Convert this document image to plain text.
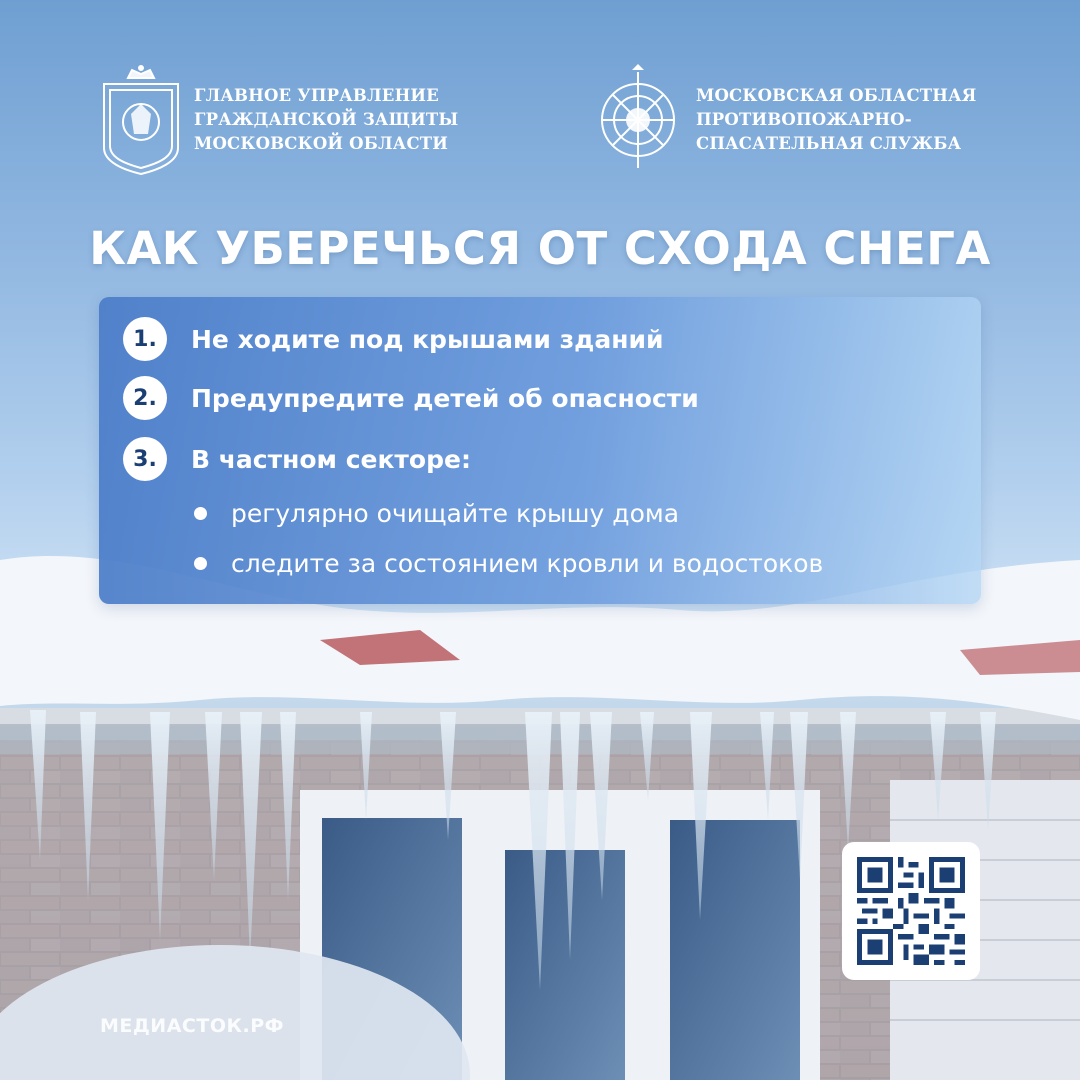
ГЛАВНОЕ УПРАВЛЕНИЕ
ГРАЖДАНСКОЙ ЗАЩИТЫ
МОСКОВСКОЙ ОБЛАСТИ
МОСКОВСКАЯ ОБЛАСТНАЯ
ПРОТИВОПОЖАРНО-
СПАСАТЕЛЬНАЯ СЛУЖБА
КАК УБЕРЕЧЬСЯ ОТ СХОДА СНЕГА
1.	Не ходите под крышами зданий
2.	Предупредите детей об опасности
3.	В частном секторе:
регулярно очищайте крышу дома
следите за состоянием кровли и водостоков
МЕДИАСТОК.РФ
